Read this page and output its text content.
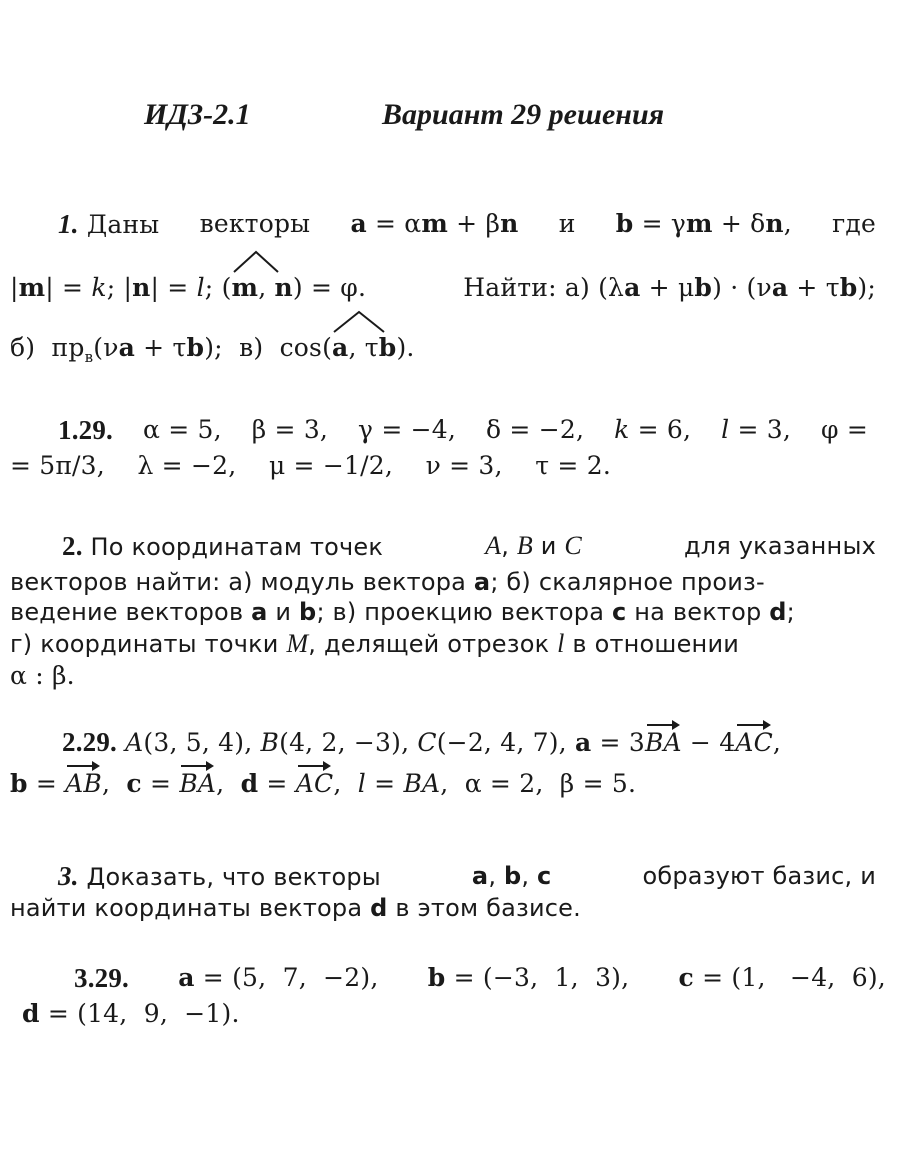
ИДЗ-2.1	Вариант 29 решения
1. Даны векторы a = αm + βn и b = γm + δn, где
|m| = k; |n| = l; (
m, n) = φ.	Найти: а) (λa + μb) · (νa + τb);
б) $пр_в(\nu a + \tau b)$;  в) cos(
a, τb).
1.29. α = 5, β = 3, γ = −4, δ = −2, k = 6, l = 3, φ =
= 5π/3,    λ = −2,    μ = −1/2,    ν = 3,    τ = 2.
2. По координатам точек	A, B и C	для указанных
векторов найти: а) модуль вектора a; б) скалярное произ-
ведение векторов a и b; в) проекцию вектора c на вектор d;
г) координаты точки M, делящей отрезок l в отношении
α : β.
2.29. A(3, 5, 4), B(4, 2, −3), C(−2, 4, 7), a = 3BA − 4AC,
b = AB,  c = BA,  d = AC,  l = BA,  α = 2,  β = 5.
3. Доказать, что векторы	a, b, c	образуют базис, и
найти координаты вектора d в этом базисе.
3.29. a = (5,  7,  −2), b = (−3,  1,  3), c = (1,   −4,  6),
d = (14,  9,  −1).
